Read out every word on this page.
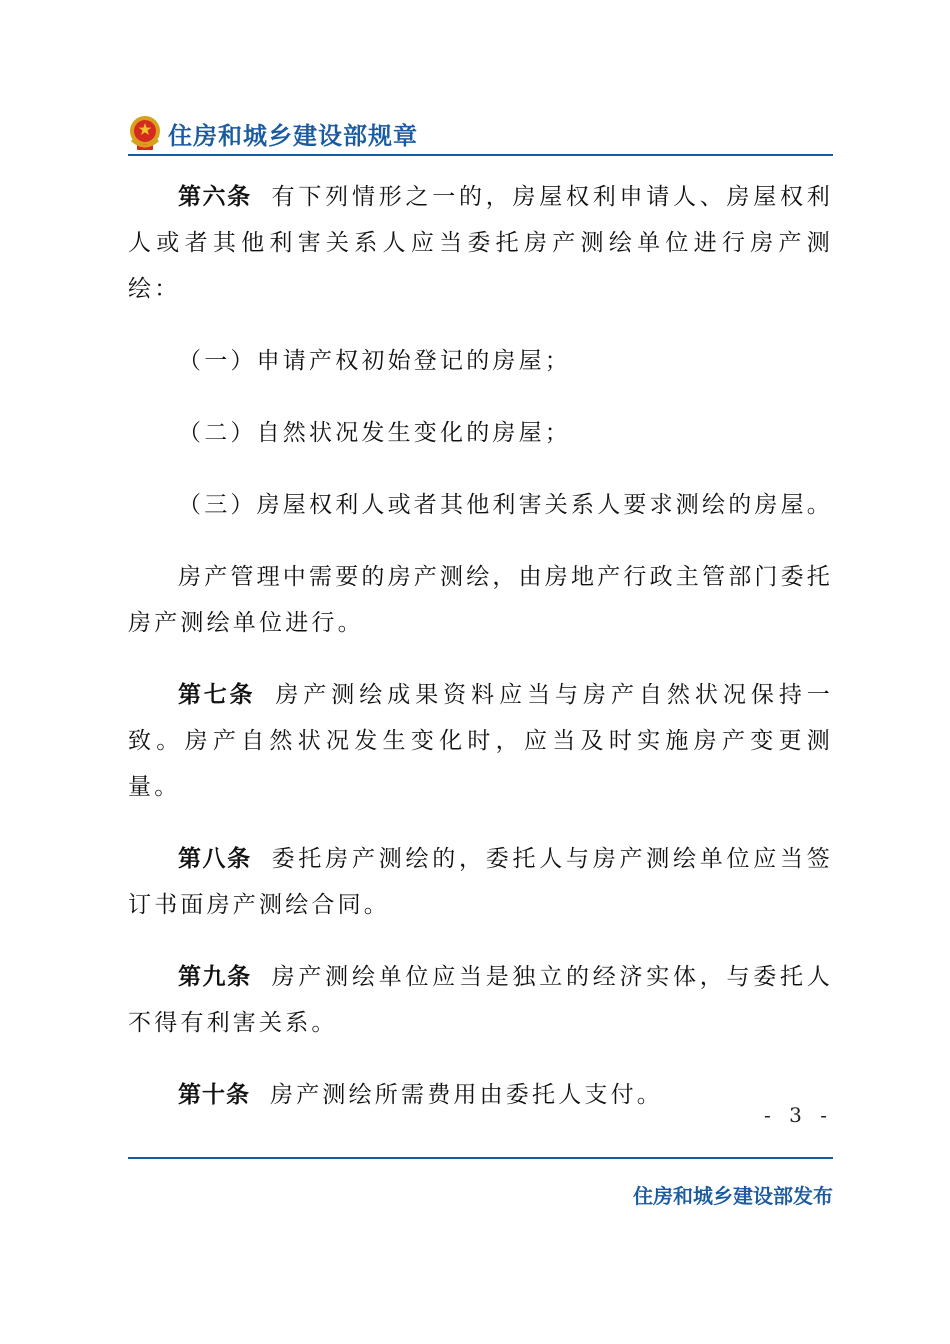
住房和城乡建设部规章

第六条 有下列情形之一的，房屋权利申请人、房屋权利人或者其他利害关系人应当委托房产测绘单位进行房产测绘：

（一）申请产权初始登记的房屋；

（二）自然状况发生变化的房屋；

（三）房屋权利人或者其他利害关系人要求测绘的房屋。

房产管理中需要的房产测绘，由房地产行政主管部门委托房产测绘单位进行。

第七条 房产测绘成果资料应当与房产自然状况保持一致。房产自然状况发生变化时，应当及时实施房产变更测量。

第八条 委托房产测绘的，委托人与房产测绘单位应当签订书面房产测绘合同。

第九条 房产测绘单位应当是独立的经济实体，与委托人不得有利害关系。

第十条 房产测绘所需费用由委托人支付。

- 3 -
住房和城乡建设部发布
